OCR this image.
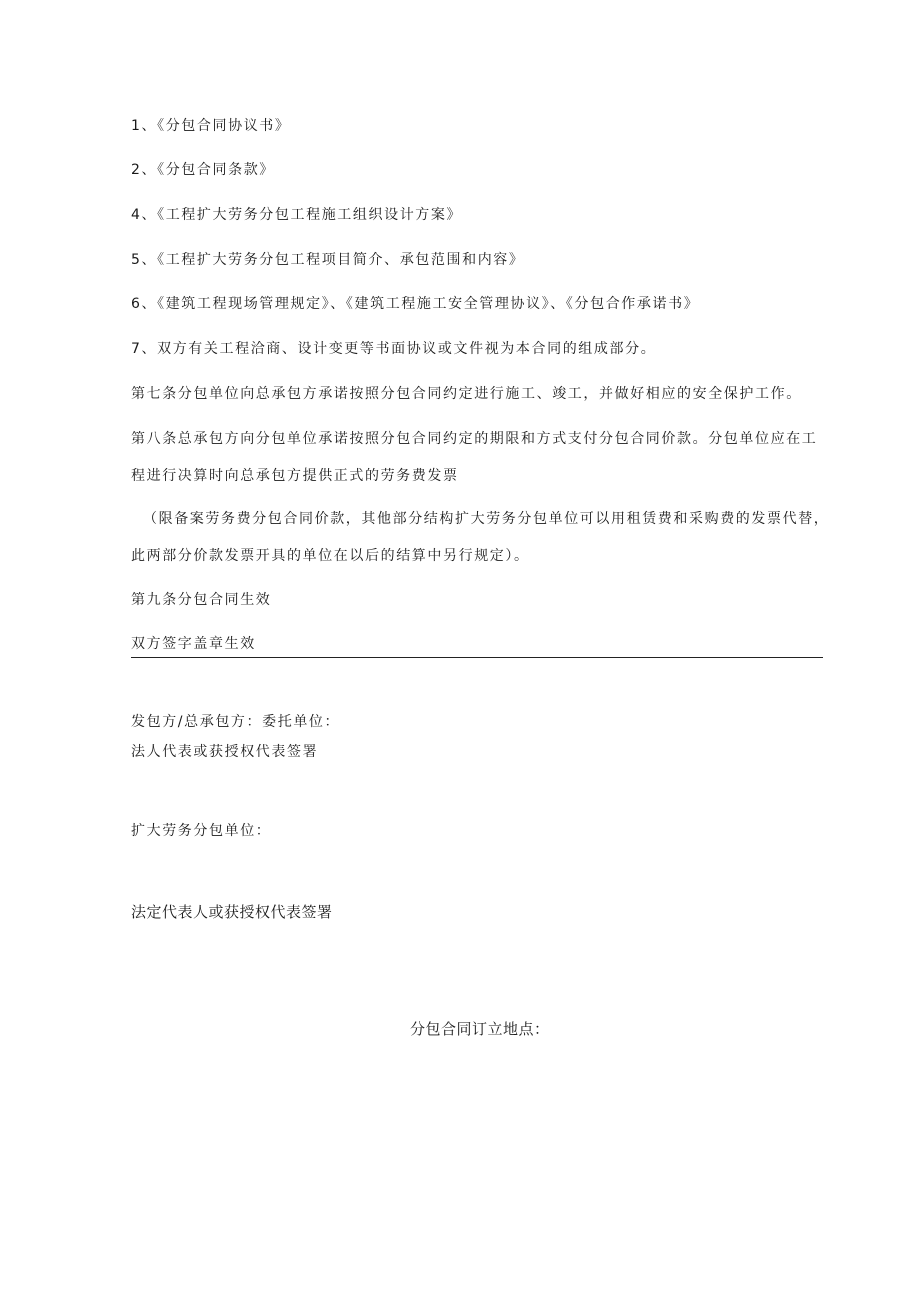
1、《分包合同协议书》
2、《分包合同条款》
4、《工程扩大劳务分包工程施工组织设计方案》
5、《工程扩大劳务分包工程项目简介、承包范围和内容》
6、《建筑工程现场管理规定》、《建筑工程施工安全管理协议》、《分包合作承诺书》
7、双方有关工程洽商、设计变更等书面协议或文件视为本合同的组成部分。
第七条分包单位向总承包方承诺按照分包合同约定进行施工、竣工，并做好相应的安全保护工作。
第八条总承包方向分包单位承诺按照分包合同约定的期限和方式支付分包合同价款。分包单位应在工
程进行决算时向总承包方提供正式的劳务费发票
（限备案劳务费分包合同价款，其他部分结构扩大劳务分包单位可以用租赁费和采购费的发票代替，
此两部分价款发票开具的单位在以后的结算中另行规定）。
第九条分包合同生效
双方签字盖章生效
发包方/总承包方：委托单位：
法人代表或获授权代表签署
扩大劳务分包单位：
法定代表人或获授权代表签署
分包合同订立地点：
